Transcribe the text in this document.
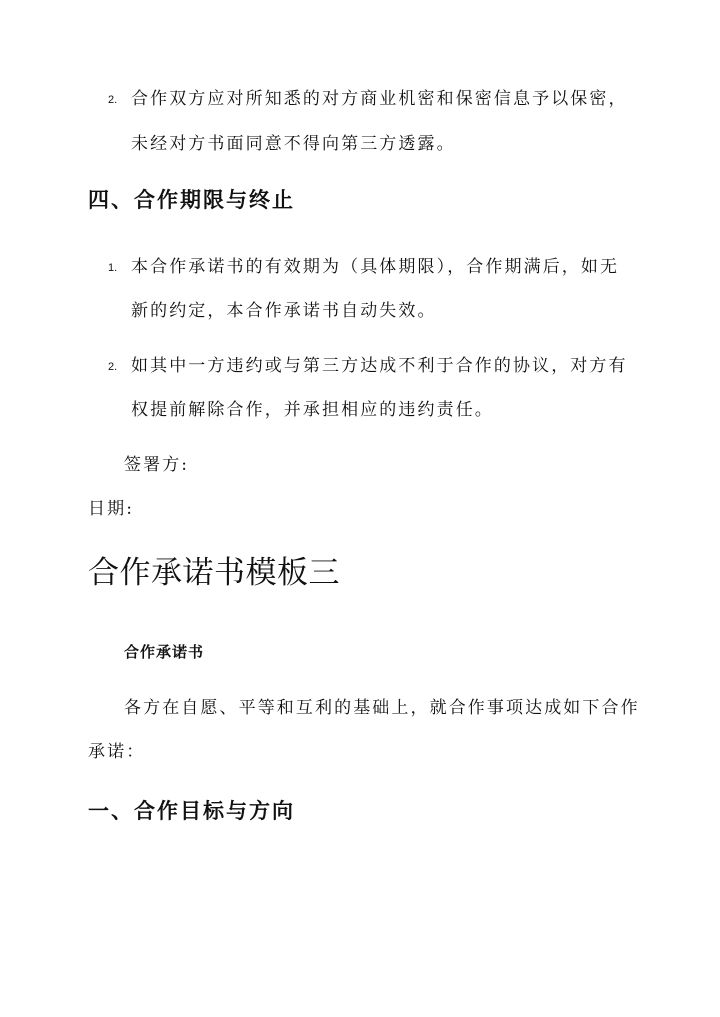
2. 合作双方应对所知悉的对方商业机密和保密信息予以保密，
未经对方书面同意不得向第三方透露。
四、合作期限与终止
1. 本合作承诺书的有效期为（具体期限），合作期满后，如无
新的约定，本合作承诺书自动失效。
2. 如其中一方违约或与第三方达成不利于合作的协议，对方有
权提前解除合作，并承担相应的违约责任。
签署方:
日期:
合作承诺书模板三
合作承诺书
各方在自愿、平等和互利的基础上，就合作事项达成如下合作
承诺：
一、合作目标与方向
